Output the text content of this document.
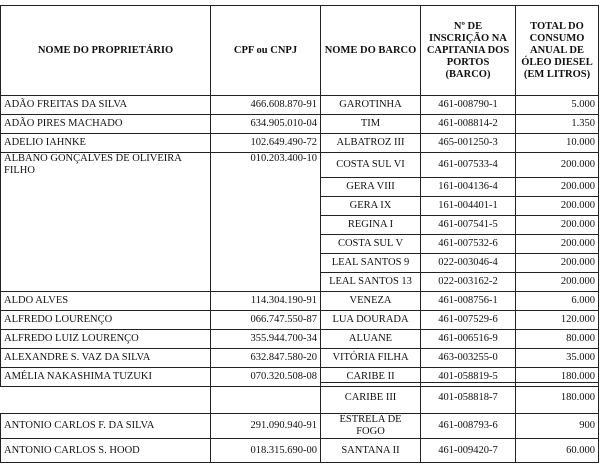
NOME DO PROPRIETÁRIO	CPF ou CNPJ	NOME DO BARCO	Nº DE INSCRIÇÃO NA CAPITANIA DOS PORTOS (BARCO)	TOTAL DO CONSUMO ANUAL DE ÓLEO DIESEL (EM LITROS)
ADÃO FREITAS DA SILVA	466.608.870-91	GAROTINHA	461-008790-1	5.000
ADÃO PIRES MACHADO	634.905.010-04	TIM	461-008814-2	1.350
ADELIO IAHNKE	102.649.490-72	ALBATROZ III	465-001250-3	10.000
ALBANO GONÇALVES DE OLIVEIRA FILHO	010.203.400-10	COSTA SUL VI	461-007533-4	200.000
		GERA VIII	161-004136-4	200.000
		GERA IX	161-004401-1	200.000
		REGINA I	461-007541-5	200.000
		COSTA SUL V	461-007532-6	200.000
		LEAL SANTOS 9	022-003046-4	200.000
		LEAL SANTOS 13	022-003162-2	200.000
ALDO ALVES	114.304.190-91	VENEZA	461-008756-1	6.000
ALFREDO LOURENÇO	066.747.550-87	LUA DOURADA	461-007529-6	120.000
ALFREDO LUIZ LOURENÇO	355.944.700-34	ALUANE	461-006516-9	80.000
ALEXANDRE S. VAZ DA SILVA	632.847.580-20	VITÓRIA FILHA	463-003255-0	35.000
AMÉLIA NAKASHIMA TUZUKI	070.320.508-08	CARIBE II	401-058819-5	180.000
		CARIBE III	401-058818-7	180.000
ANTONIO CARLOS F. DA SILVA	291.090.940-91	ESTRELA DE FOGO	461-008793-6	900
ANTONIO CARLOS S. HOOD	018.315.690-00	SANTANA II	461-009420-7	60.000
